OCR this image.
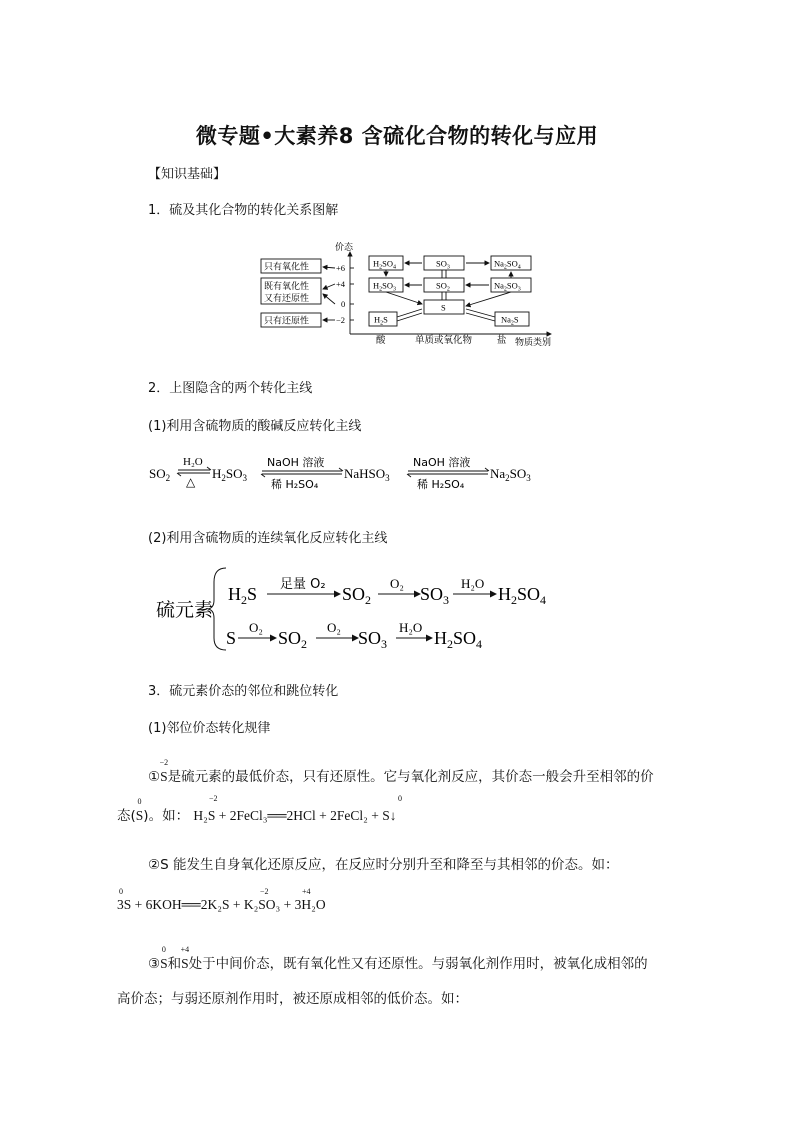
微专题•大素养8 含硫化合物的转化与应用
【知识基础】
1．硫及其化合物的转化关系图解
价态
物质类别
+6
+4
0
−2
只有氧化性
既有氧化性
又有还原性
只有还原性
$H_2SO_4$	$SO_3$	$Na_2SO_4$
$H_2SO_3$	$SO_2$	$Na_2SO_3$
S
$H_2S$	$Na_2S$
酸	单质或氧化物	盐
2．上图隐含的两个转化主线
(1)利用含硫物质的酸碱反应转化主线
$SO_2$
H₂O
△
$H_2SO_3$
NaOH 溶液
稀 H₂SO₄
NaHSO$_3$
NaOH 溶液
稀 H₂SO₄
$Na_2SO_3$
(2)利用含硫物质的连续氧化反应转化主线
硫元素
$H_2S$ 足量 O₂ $SO_2$
O₂
$SO_3$
H₂O
$H_2SO_4$
S
O₂
$SO_2$
O₂
$SO_3$
H₂O
$H_2SO_4$
3．硫元素价态的邻位和跳位转化
(1)邻位价态转化规律
①
−2
S是硫元素的最低价态，只有还原性。它与氧化剂反应，其价态一般会升至相邻的价
态(
0
S)。如： H₂S + 2FeCl₃══2HCl + 2FeCl₂ + S↓
−2	0
②S 能发生自身氧化还原反应，在反应时分别升至和降至与其相邻的价态。如：
3S + 6KOH══2K₂S + K₂SO₃ + 3H₂O
0	−2	+4
③
0
S和
+4
S处于中间价态，既有氧化性又有还原性。与弱氧化剂作用时，被氧化成相邻的
高价态；与弱还原剂作用时，被还原成相邻的低价态。如：
